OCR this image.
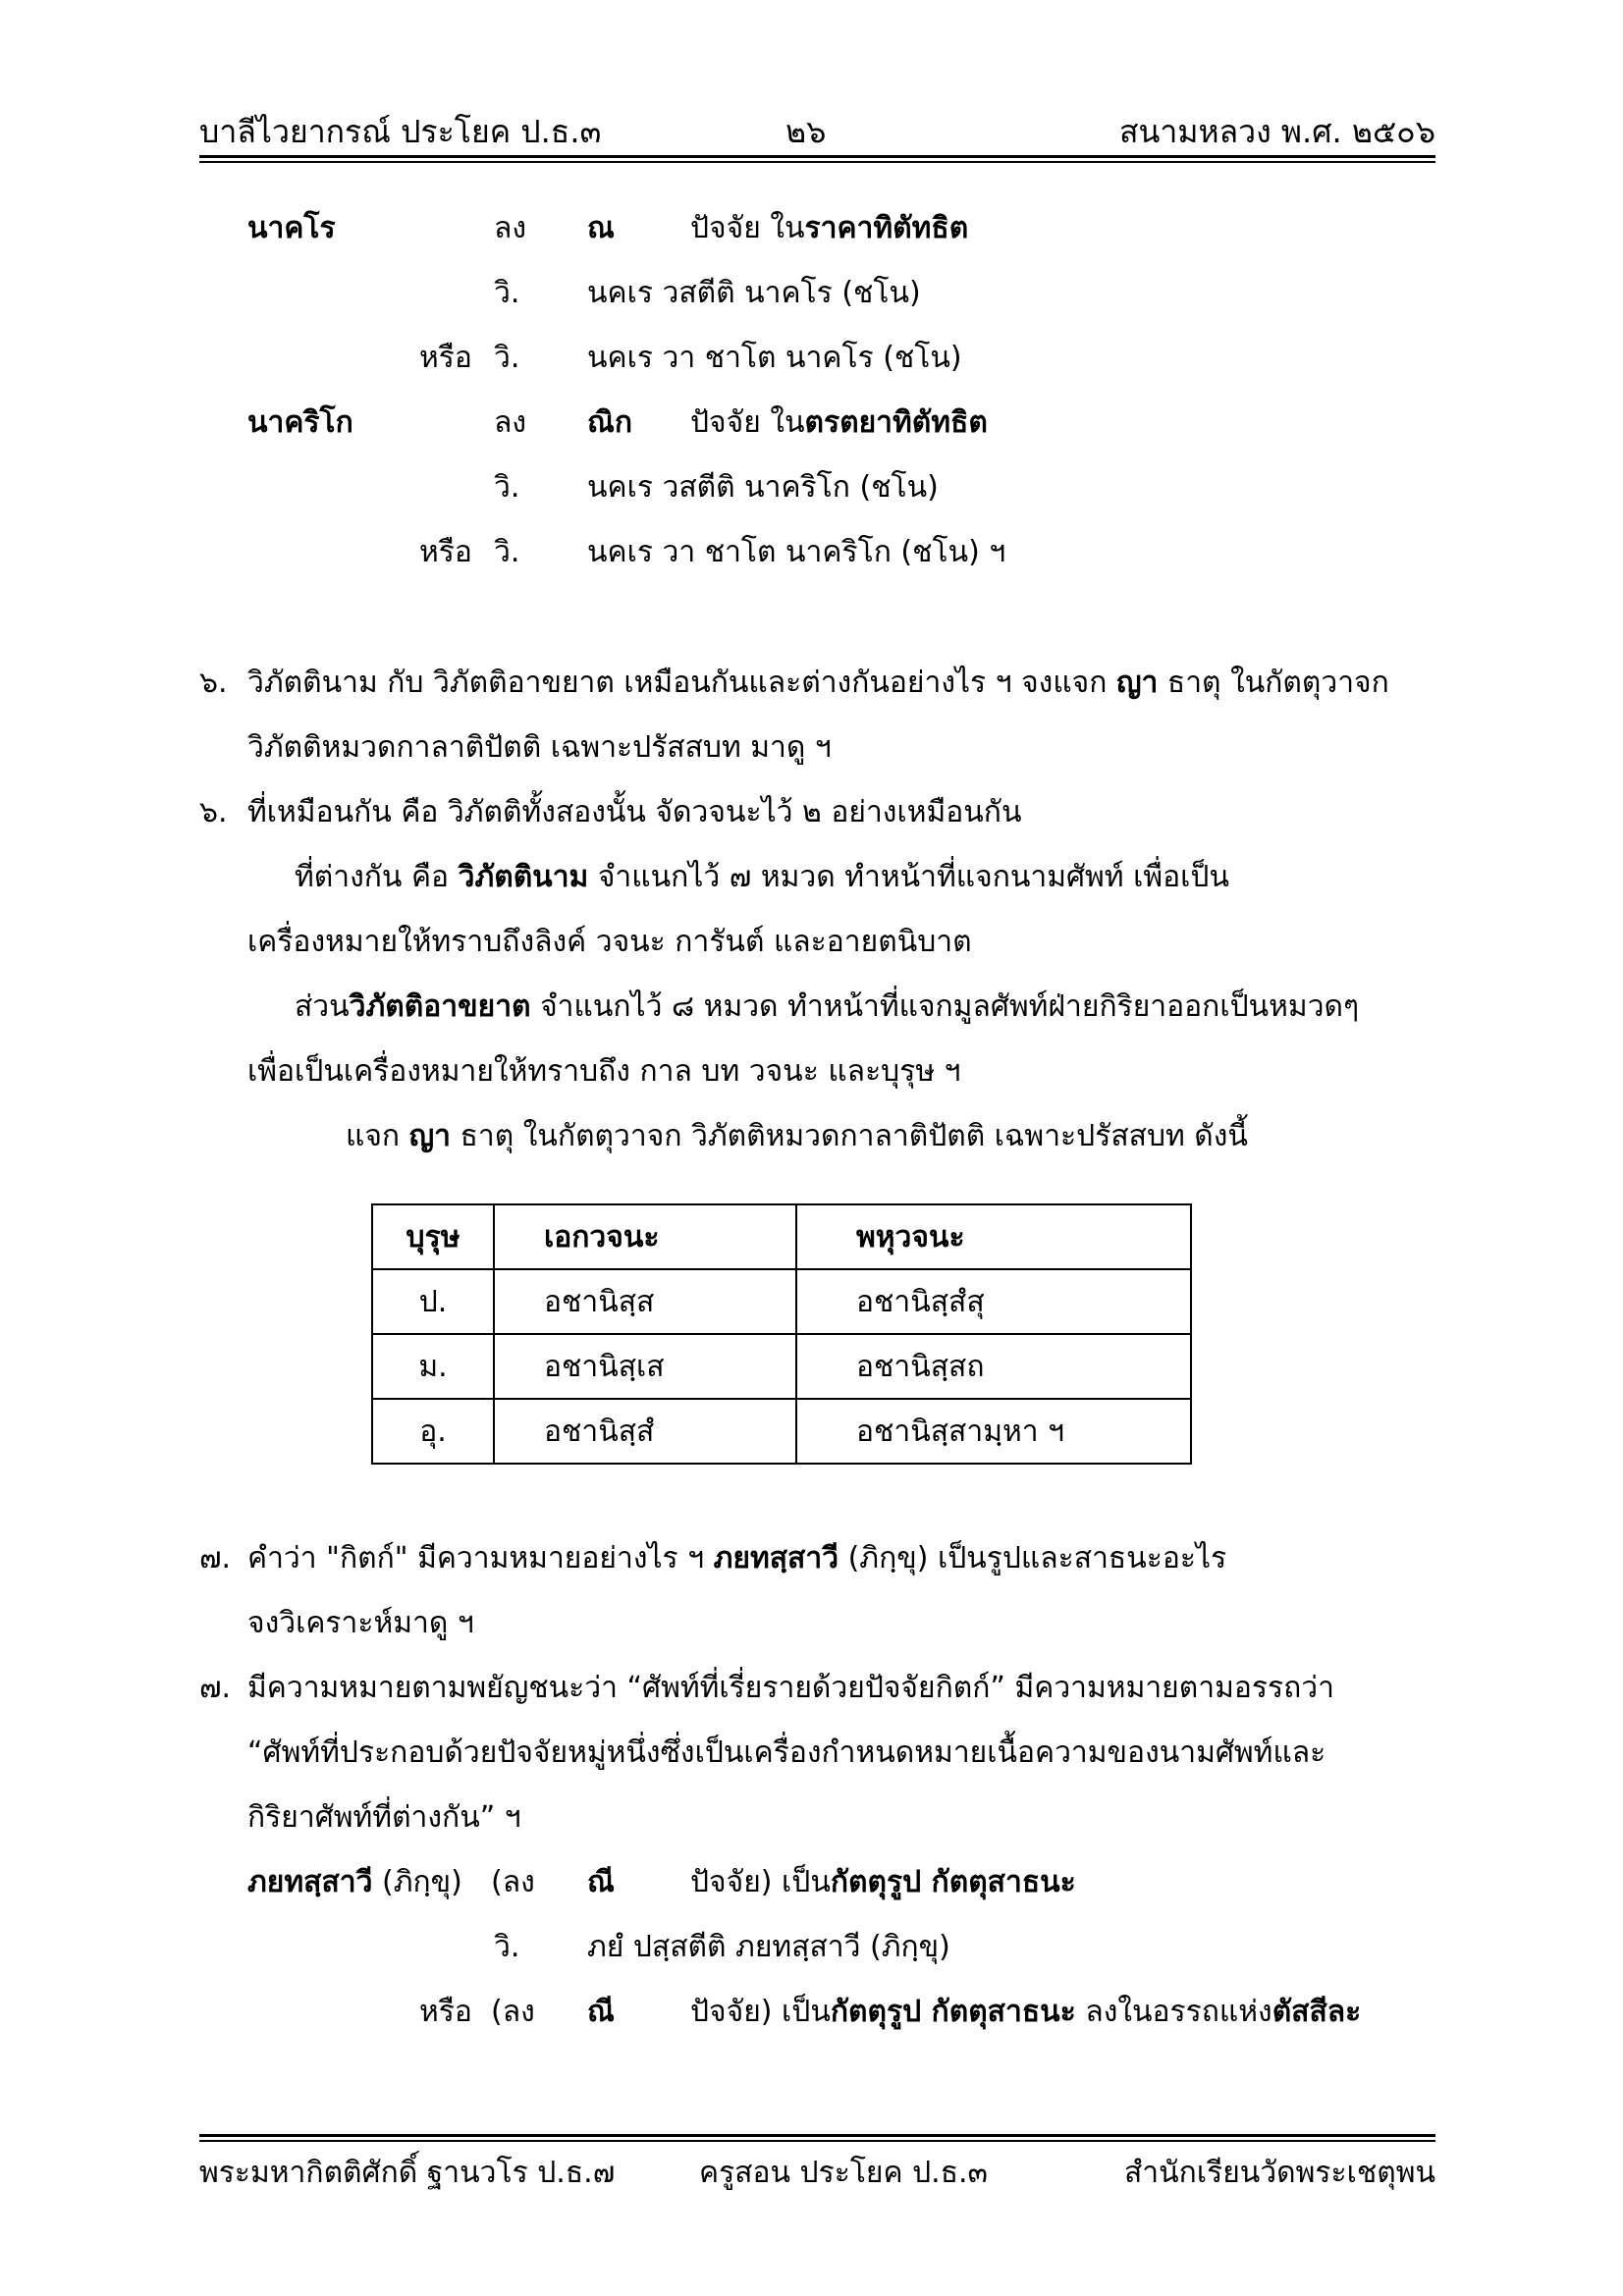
บาลีไวยากรณ์ ประโยค ป.ธ.๓	๒๖	สนามหลวง พ.ศ. ๒๕๐๖
นาคโร	ลง ณ	ปัจจัย ในราคาทิตัทธิต
วิ. นคเร วสตีติ นาคโร (ชโน)
หรือ วิ. นคเร วา ชาโต นาคโร (ชโน)
นาคริโก	ลง ณิก ปัจจัย ในตรตยาทิตัทธิต
วิ. นคเร วสตีติ นาคริโก (ชโน)
หรือ วิ. นคเร วา ชาโต นาคริโก (ชโน) ฯ
๖. วิภัตตินาม กับ วิภัตติอาขยาต เหมือนกันและต่างกันอย่างไร ฯ จงแจก ญา ธาตุ ในกัตตุวาจก
วิภัตติหมวดกาลาติปัตติ เฉพาะปรัสสบท มาดู ฯ
๖. ที่เหมือนกัน คือ วิภัตติทั้งสองนั้น จัดวจนะไว้ ๒ อย่างเหมือนกัน
ที่ต่างกัน คือ วิภัตตินาม จำแนกไว้ ๗ หมวด ทำหน้าที่แจกนามศัพท์ เพื่อเป็น
เครื่องหมายให้ทราบถึงลิงค์ วจนะ การันต์ และอายตนิบาต
ส่วนวิภัตติอาขยาต จำแนกไว้ ๘ หมวด ทำหน้าที่แจกมูลศัพท์ฝ่ายกิริยาออกเป็นหมวดๆ
เพื่อเป็นเครื่องหมายให้ทราบถึง กาล บท วจนะ และบุรุษ ฯ
แจก ญา ธาตุ ในกัตตุวาจก วิภัตติหมวดกาลาติปัตติ เฉพาะปรัสสบท ดังนี้
บุรุษ	เอกวจนะ	พหุวจนะ
ป.	อชานิสฺส	อชานิสฺสํสุ
ม.	อชานิสฺเส	อชานิสฺสถ
อุ.	อชานิสฺสํ	อชานิสฺสามฺหา ฯ
๗. คำว่า "กิตก์" มีความหมายอย่างไร ฯ ภยทสฺสาวี (ภิกฺขุ) เป็นรูปและสาธนะอะไร
จงวิเคราะห์มาดู ฯ
๗. มีความหมายตามพยัญชนะว่า “ศัพท์ที่เรี่ยรายด้วยปัจจัยกิตก์” มีความหมายตามอรรถว่า
“ศัพท์ที่ประกอบด้วยปัจจัยหมู่หนึ่งซึ่งเป็นเครื่องกำหนดหมายเนื้อความของนามศัพท์และ
กิริยาศัพท์ที่ต่างกัน” ฯ
ภยทสฺสาวี (ภิกฺขุ) (ลง ณี	ปัจจัย) เป็นกัตตุรูป กัตตุสาธนะ
วิ. ภยํ ปสฺสตีติ ภยทสฺสาวี (ภิกฺขุ)
หรือ (ลง ณี	ปัจจัย) เป็นกัตตุรูป กัตตุสาธนะ ลงในอรรถแห่งตัสสีละ
พระมหากิตติศักดิ์ ฐานวโร ป.ธ.๗	ครูสอน ประโยค ป.ธ.๓	สำนักเรียนวัดพระเชตุพน
